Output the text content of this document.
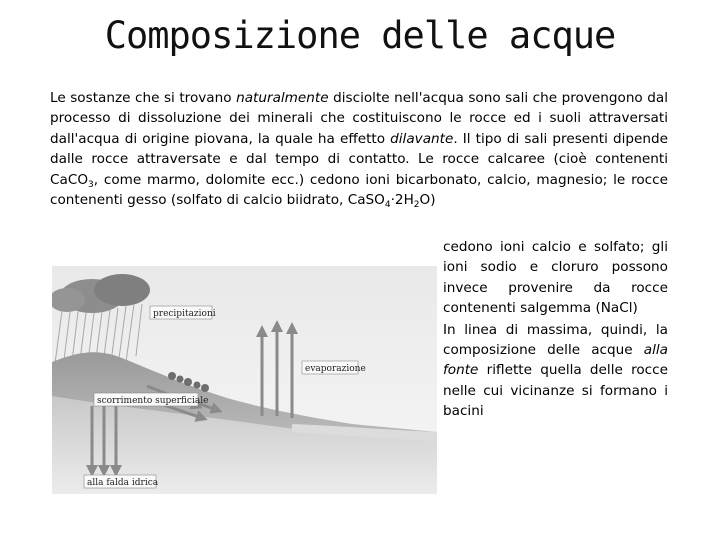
Composizione delle acque
Le sostanze che si trovano naturalmente disciolte nell'acqua sono sali che provengono dal processo di dissoluzione dei minerali che costituiscono le rocce ed i suoli attraversati dall'acqua di origine piovana, la quale ha effetto dilavante. Il tipo di sali presenti dipende dalle rocce attraversate e dal tempo di contatto. Le rocce calcaree (cioè contenenti CaCO$_3$, come marmo, dolomite ecc.) cedono ioni bicarbonato, calcio, magnesio; le rocce contenenti gesso (solfato di calcio biidrato, $CaSO_4\cdot 2H_2O$)

cedono ioni calcio e solfato; gli ioni sodio e cloruro possono invece provenire da rocce contenenti salgemma (NaCl)

In linea di massima, quindi, la composizione delle acque alla fonte riflette quella delle rocce nelle cui vicinanze si formano i bacini

precipitazioni
evaporazione
scorrimento superficiale
alla falda idrica
